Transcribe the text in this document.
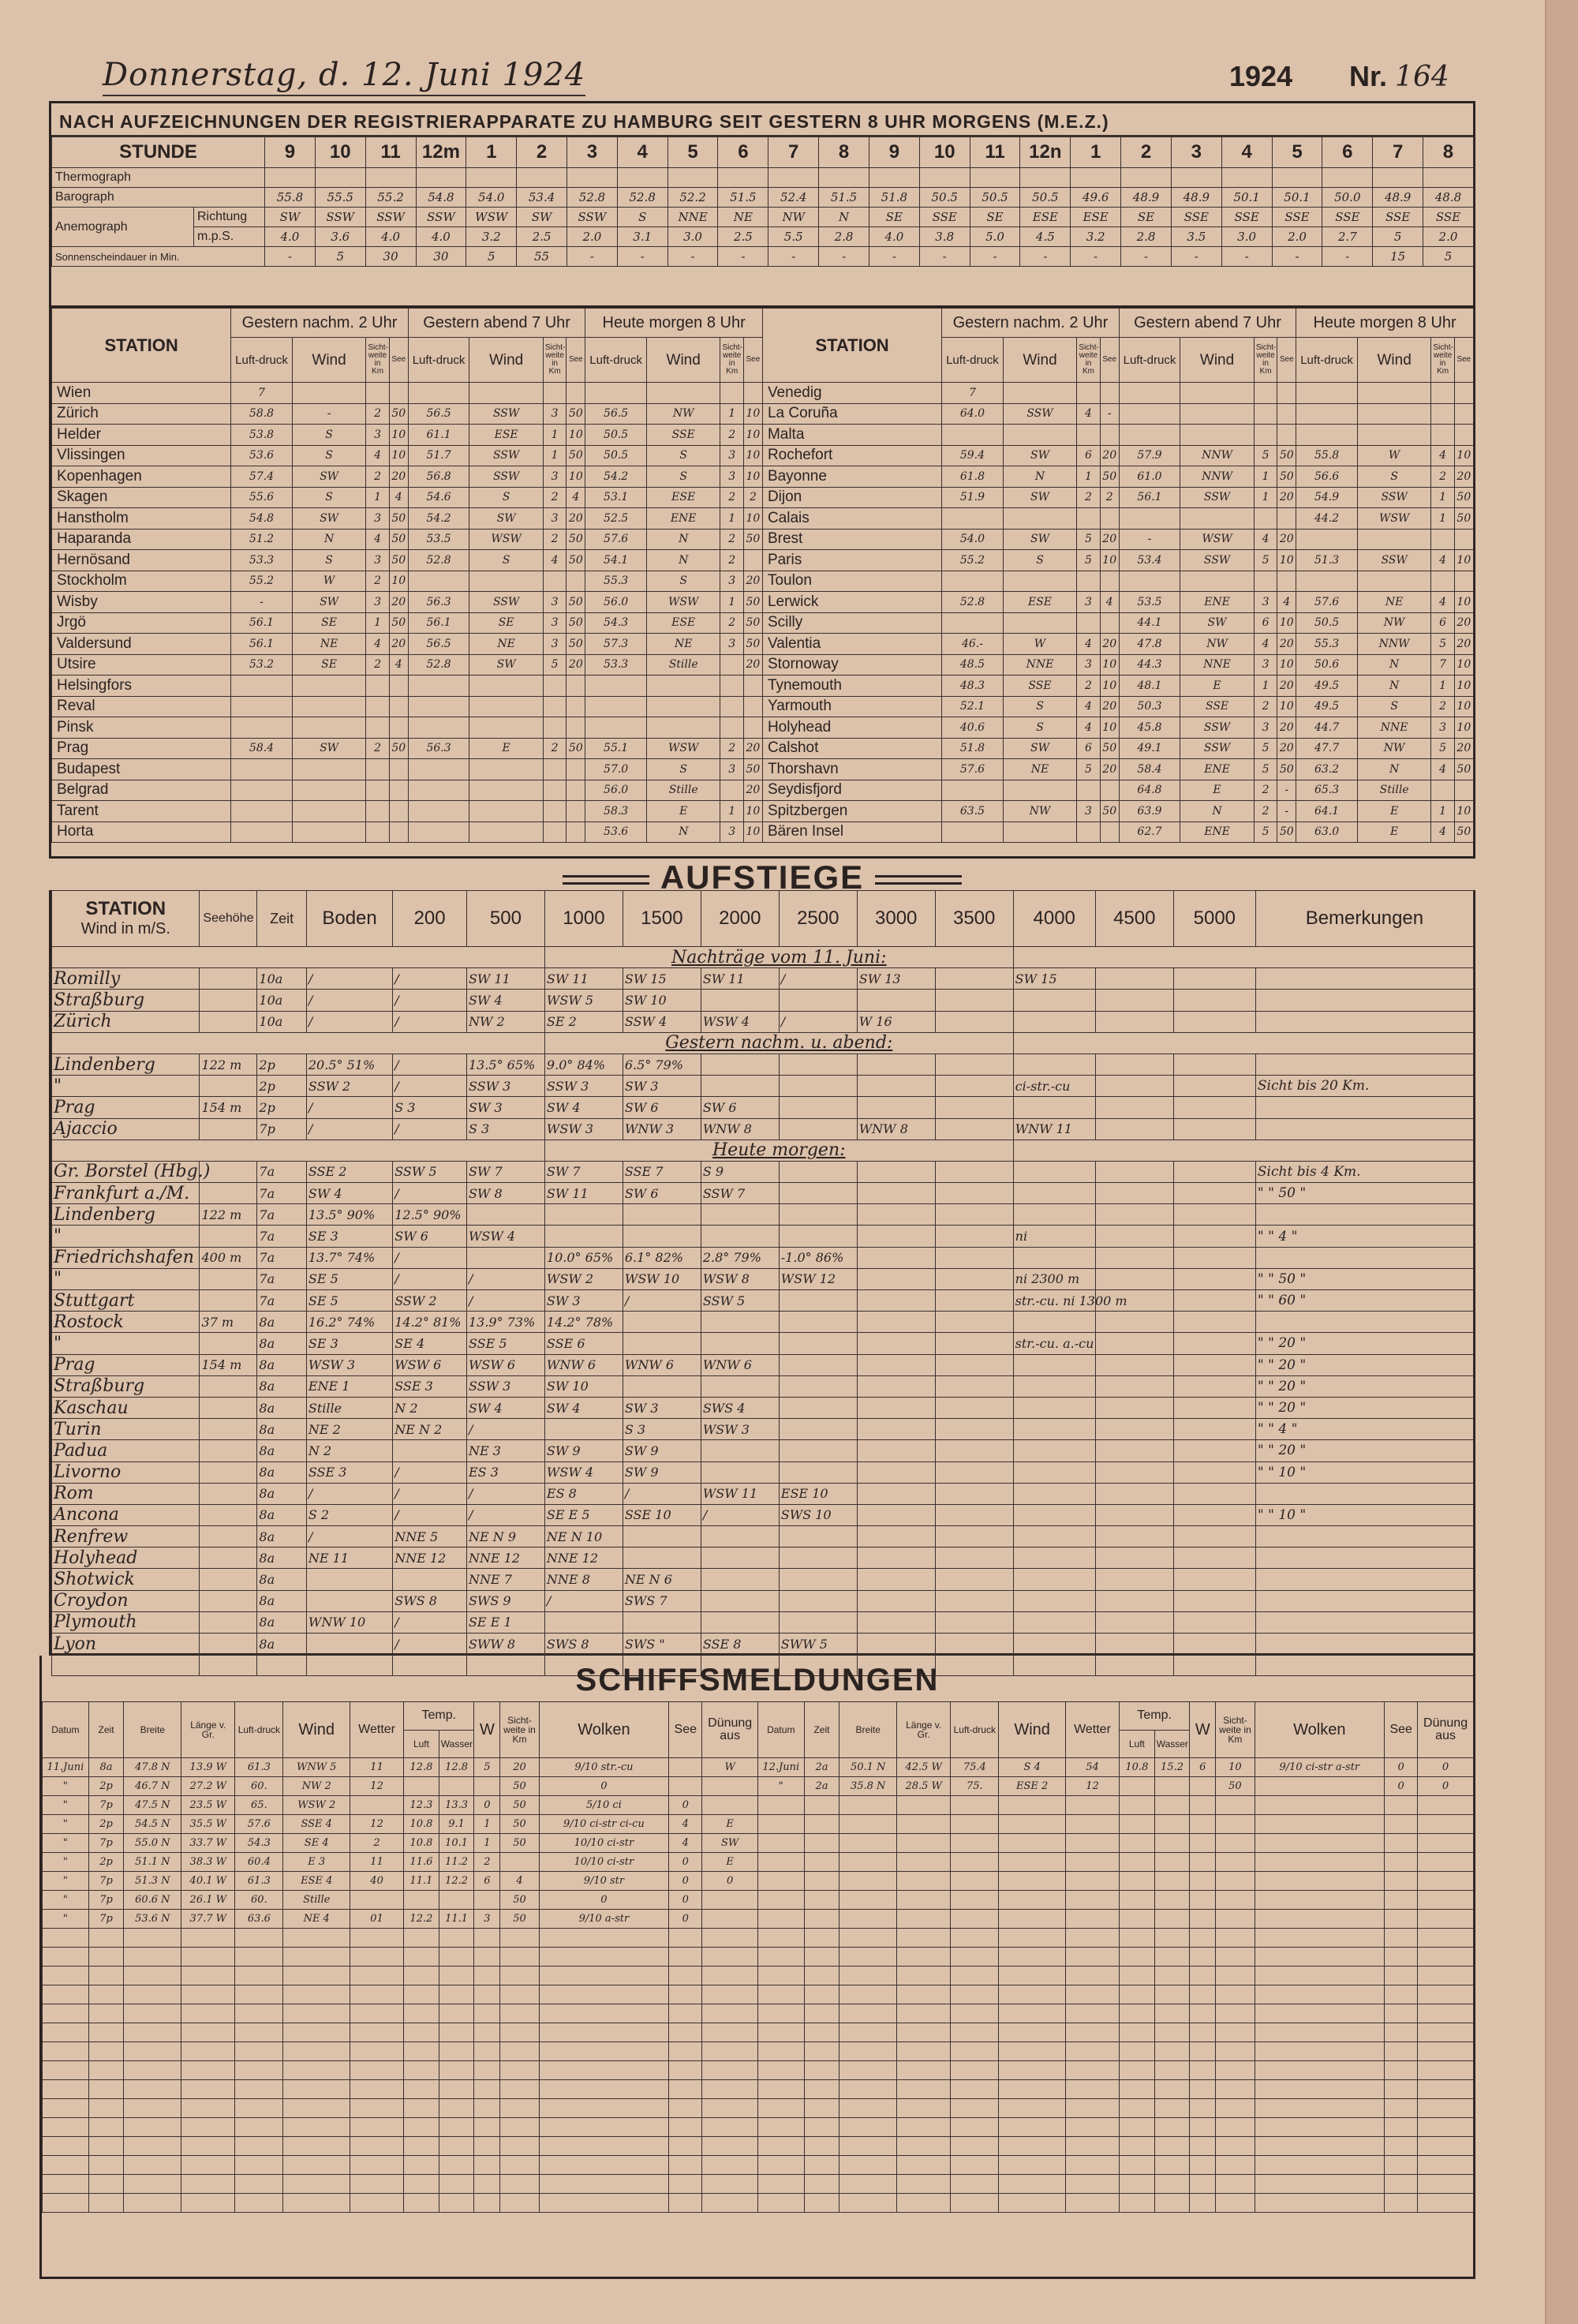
Donnerstag, d. 12. Juni 1924	1924 Nr. 164
NACH AUFZEICHNUNGEN DER REGISTRIERAPPARATE ZU HAMBURG SEIT GESTERN 8 UHR MORGENS (M.E.Z.)
STUNDE		9	10	11	12m	1	2	3	4	5	6	7	8	9	10	11	12n	1	2	3	4	5	6	7	8
Thermograph																									
Barograph		55.8	55.5	55.2	54.8	54.0	53.4	52.8	52.8	52.2	51.5	52.4	51.5	51.8	50.5	50.5	50.5	49.6	48.9	48.9	50.1	50.1	50.0	48.9	48.8
Anemograph	Richtung	SW	SSW	SSW	SSW	WSW	SW	SSW	S	NNE	NE	NW	N	SE	SSE	SE	ESE	ESE	SE	SSE	SSE	SSE	SSE	SSE	SSE
	m.p.S.	4.0	3.6	4.0	4.0	3.2	2.5	2.0	3.1	3.0	2.5	5.5	2.8	4.0	3.8	5.0	4.5	3.2	2.8	3.5	3.0	2.0	2.7	5	2.0
Sonnenscheindauer in Min.		-	5	30	30	5	55	-	-	-	-	-	-	-	-	-	-	-	-	-	-	-	-	15	5
STATION	Gestern nachm. 2 Uhr				Gestern abend 7 Uhr				Heute morgen 8 Uhr				STATION	Gestern nachm. 2 Uhr				Gestern abend 7 Uhr				Heute morgen 8 Uhr			
	Luft-druck	Wind	Sicht-weite in Km	See	Luft-druck	Wind	Sicht-weite in Km	See	Luft-druck	Wind	Sicht-weite in Km	See		Luft-druck	Wind	Sicht-weite in Km	See	Luft-druck	Wind	Sicht-weite in Km	See	Luft-druck	Wind	Sicht-weite in Km	See
Wien	7												Venedig	7											
Zürich	58.8	-	2	50	56.5	SSW	3	50	56.5	NW	1	10	La Coruña	64.0	SSW	4	-								
Helder	53.8	S	3	10	61.1	ESE	1	10	50.5	SSE	2	10	Malta												
Vlissingen	53.6	S	4	10	51.7	SSW	1	50	50.5	S	3	10	Rochefort	59.4	SW	6	20	57.9	NNW	5	50	55.8	W	4	10
Kopenhagen	57.4	SW	2	20	56.8	SSW	3	10	54.2	S	3	10	Bayonne	61.8	N	1	50	61.0	NNW	1	50	56.6	S	2	20
Skagen	55.6	S	1	4	54.6	S	2	4	53.1	ESE	2	2	Dijon	51.9	SW	2	2	56.1	SSW	1	20	54.9	SSW	1	50
Hanstholm	54.8	SW	3	50	54.2	SW	3	20	52.5	ENE	1	10	Calais									44.2	WSW	1	50
Haparanda	51.2	N	4	50	53.5	WSW	2	50	57.6	N	2	50	Brest	54.0	SW	5	20	-	WSW	4	20				
Hernösand	53.3	S	3	50	52.8	S	4	50	54.1	N	2		Paris	55.2	S	5	10	53.4	SSW	5	10	51.3	SSW	4	10
Stockholm	55.2	W	2	10					55.3	S	3	20	Toulon												
Wisby	-	SW	3	20	56.3	SSW	3	50	56.0	WSW	1	50	Lerwick	52.8	ESE	3	4	53.5	ENE	3	4	57.6	NE	4	10
Jrgö	56.1	SE	1	50	56.1	SE	3	50	54.3	ESE	2	50	Scilly					44.1	SW	6	10	50.5	NW	6	20
Valdersund	56.1	NE	4	20	56.5	NE	3	50	57.3	NE	3	50	Valentia	46.-	W	4	20	47.8	NW	4	20	55.3	NNW	5	20
Utsire	53.2	SE	2	4	52.8	SW	5	20	53.3	Stille		20	Stornoway	48.5	NNE	3	10	44.3	NNE	3	10	50.6	N	7	10
Helsingfors													Tynemouth	48.3	SSE	2	10	48.1	E	1	20	49.5	N	1	10
Reval													Yarmouth	52.1	S	4	20	50.3	SSE	2	10	49.5	S	2	10
Pinsk													Holyhead	40.6	S	4	10	45.8	SSW	3	20	44.7	NNE	3	10
Prag	58.4	SW	2	50	56.3	E	2	50	55.1	WSW	2	20	Calshot	51.8	SW	6	50	49.1	SSW	5	20	47.7	NW	5	20
Budapest									57.0	S	3	50	Thorshavn	57.6	NE	5	20	58.4	ENE	5	50	63.2	N	4	50
Belgrad									56.0	Stille		20	Seydisfjord					64.8	E	2	-	65.3	Stille		
Tarent									58.3	E	1	10	Spitzbergen	63.5	NW	3	50	63.9	N	2	-	64.1	E	1	10
Horta									53.6	N	3	10	Bären Insel					62.7	ENE	5	50	63.0	E	4	50
AUFSTIEGE
STATION
Wind in m/S.	Seehöhe	Zeit	Boden	200	500	1000	1500	2000	2500	3000	3500	4000	4500	5000	Bemerkungen
						Nachträge vom 11. Juni:									
Romilly		10a	/	/	SW 11	SW 11	SW 15	SW 11	/	SW 13		SW 15			
Straßburg		10a	/	/	SW 4	WSW 5	SW 10								
Zürich		10a	/	/	NW 2	SE 2	SSW 4	WSW 4	/	W 16					
						Gestern nachm. u. abend:									
Lindenberg	122 m	2p	20.5° 51%	/	13.5° 65%	9.0° 84%	6.5° 79%								
"		2p	SSW 2	/	SSW 3	SSW 3	SW 3					ci-str.-cu			Sicht bis 20 Km.
Prag	154 m	2p	/	S 3	SW 3	SW 4	SW 6	SW 6							
Ajaccio		7p	/	/	S 3	WSW 3	WNW 3	WNW 8		WNW 8		WNW 11			
						Heute morgen:									
Gr. Borstel (Hbg.)		7a	SSE 2	SSW 5	SW 7	SW 7	SSE 7	S 9							Sicht bis 4 Km.
Frankfurt a./M.		7a	SW 4	/	SW 8	SW 11	SW 6	SSW 7							" " 50 "
Lindenberg	122 m	7a	13.5° 90%	12.5° 90%											
"		7a	SE 3	SW 6	WSW 4							ni			" " 4 "
Friedrichshafen	400 m	7a	13.7° 74%	/		10.0° 65%	6.1° 82%	2.8° 79%	-1.0° 86%						
"		7a	SE 5	/	/	WSW 2	WSW 10	WSW 8	WSW 12			ni 2300 m			" " 50 "
Stuttgart		7a	SE 5	SSW 2	/	SW 3	/	SSW 5				str.-cu. ni 1300 m			" " 60 "
Rostock	37 m	8a	16.2° 74%	14.2° 81%	13.9° 73%	14.2° 78%									
"		8a	SE 3	SE 4	SSE 5	SSE 6						str.-cu. a.-cu			" " 20 "
Prag	154 m	8a	WSW 3	WSW 6	WSW 6	WNW 6	WNW 6	WNW 6							" " 20 "
Straßburg		8a	ENE 1	SSE 3	SSW 3	SW 10									" " 20 "
Kaschau		8a	Stille	N 2	SW 4	SW 4	SW 3	SWS 4							" " 20 "
Turin		8a	NE 2	NE N 2	/		S 3	WSW 3							" " 4 "
Padua		8a	N 2		NE 3	SW 9	SW 9								" " 20 "
Livorno		8a	SSE 3	/	ES 3	WSW 4	SW 9								" " 10 "
Rom		8a	/	/	/	ES 8	/	WSW 11	ESE 10						
Ancona		8a	S 2	/	/	SE E 5	SSE 10	/	SWS 10						" " 10 "
Renfrew		8a	/	NNE 5	NE N 9	NE N 10									
Holyhead		8a	NE 11	NNE 12	NNE 12	NNE 12									
Shotwick		8a			NNE 7	NNE 8	NE N 6								
Croydon		8a		SWS 8	SWS 9	/	SWS 7								
Plymouth		8a	WNW 10	/	SE E 1										
Lyon		8a		/	SWW 8	SWS 8	SWS "	SSE 8	SWW 5						

SCHIFFSMELDUNGEN
Datum	Zeit	Breite	Länge v. Gr.	Luft-druck	Wind	Wetter	Temp.		W	Sicht-weite in Km	Wolken	See	Dünung aus	Datum	Zeit	Breite	Länge v. Gr.	Luft-druck	Wind	Wetter	Temp.		W	Sicht-weite in Km	Wolken	See	Dünung aus
							Luft	Wasser													Luft	Wasser					
11.Juni	8a	47.8 N	13.9 W	61.3	WNW 5	11	12.8	12.8	5	20	9/10 str.-cu		W	12.Juni	2a	50.1 N	42.5 W	75.4	S 4	54	10.8	15.2	6	10	9/10 ci-str a-str	0	0
"	2p	46.7 N	27.2 W	60.	NW 2	12				50	0			"	2a	35.8 N	28.5 W	75.	ESE 2	12				50		0	0
"	7p	47.5 N	23.5 W	65.	WSW 2		12.3	13.3	0	50	5/10 ci	0															
"	2p	54.5 N	35.5 W	57.6	SSE 4	12	10.8	9.1	1	50	9/10 ci-str ci-cu	4	E														
"	7p	55.0 N	33.7 W	54.3	SE 4	2	10.8	10.1	1	50	10/10 ci-str	4	SW														
"	2p	51.1 N	38.3 W	60.4	E 3	11	11.6	11.2	2		10/10 ci-str	0	E														
"	7p	51.3 N	40.1 W	61.3	ESE 4	40	11.1	12.2	6	4	9/10 str	0	0														
"	7p	60.6 N	26.1 W	60.	Stille					50	0	0															
"	7p	53.6 N	37.7 W	63.6	NE 4	01	12.2	11.1	3	50	9/10 a-str	0															
